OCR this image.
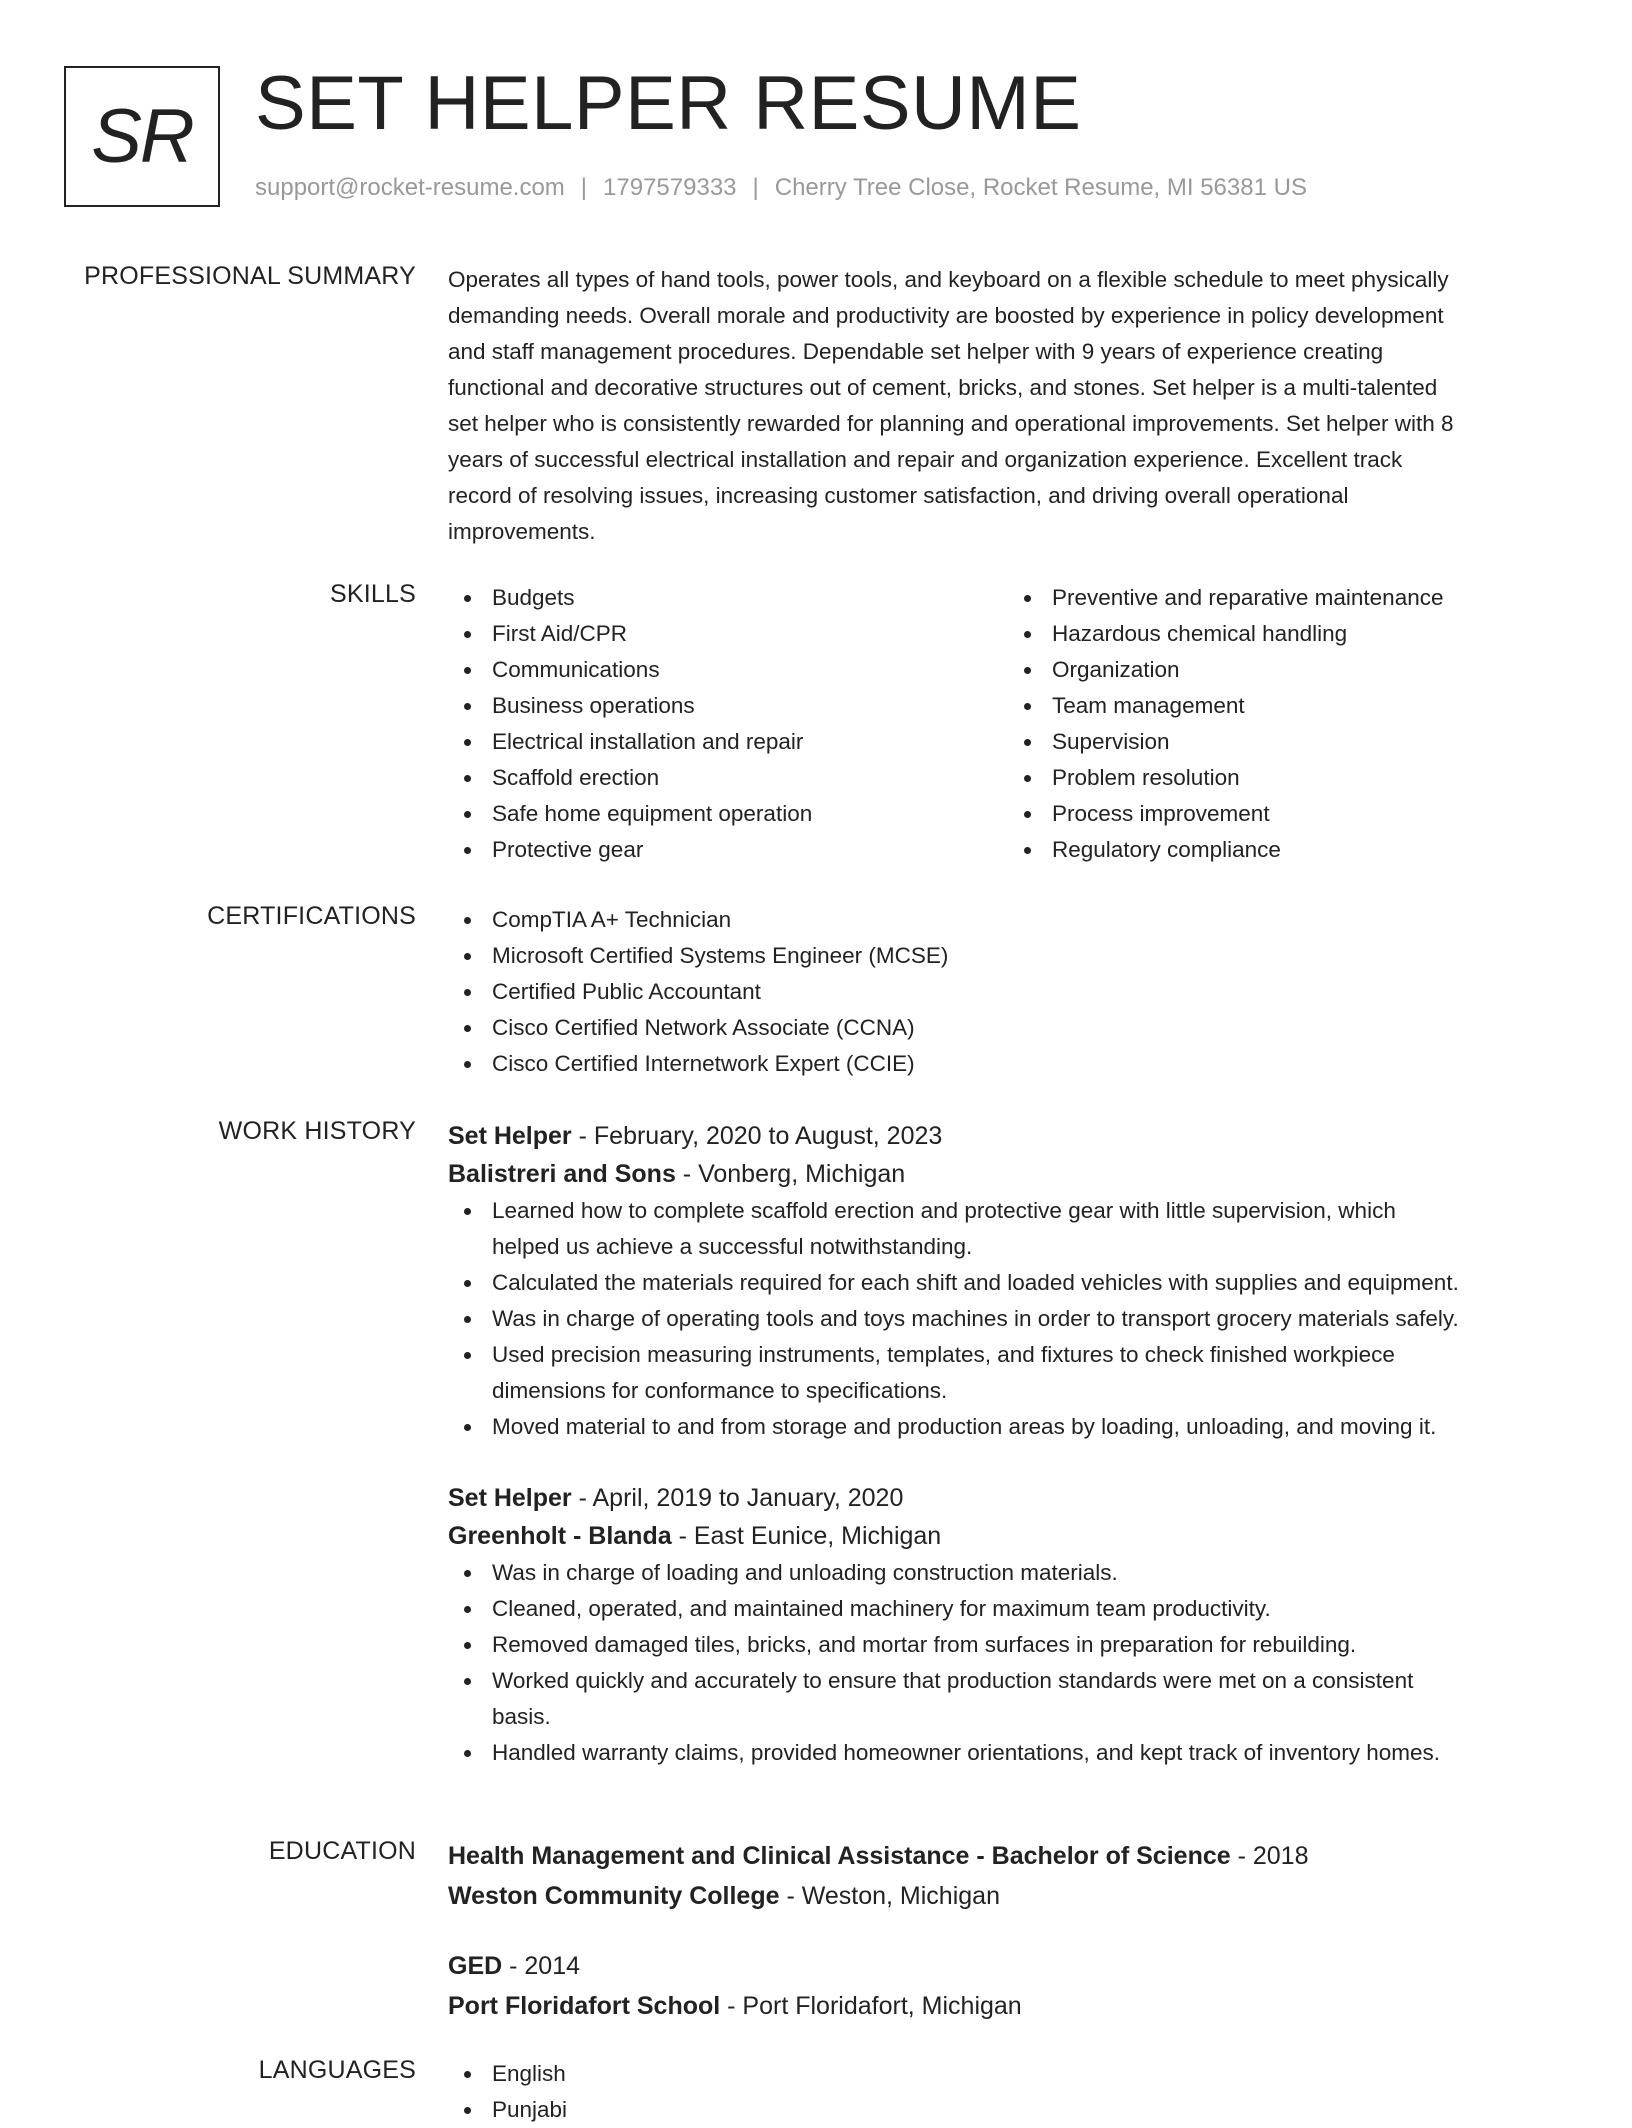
SR SET HELPER RESUME
support@rocket-resume.com | 1797579333 | Cherry Tree Close, Rocket Resume, MI 56381 US
PROFESSIONAL SUMMARY Operates all types of hand tools, power tools, and keyboard on a flexible schedule to meet physically

demanding needs. Overall morale and productivity are boosted by experience in policy development

and staff management procedures. Dependable set helper with 9 years of experience creating

functional and decorative structures out of cement, bricks, and stones. Set helper is a multi-talented

set helper who is consistently rewarded for planning and operational improvements. Set helper with 8

years of successful electrical installation and repair and organization experience. Excellent track

record of resolving issues, increasing customer satisfaction, and driving overall operational

improvements.

SKILLS	Budgets
First Aid/CPR
Communications
Business operations
Electrical installation and repair
Scaffold erection
Safe home equipment operation
Protective gear
Preventive and reparative maintenance
Hazardous chemical handling
Organization
Team management
Supervision
Problem resolution
Process improvement
Regulatory compliance
CERTIFICATIONS	CompTIA A+ Technician
Microsoft Certified Systems Engineer (MCSE)
Certified Public Accountant
Cisco Certified Network Associate (CCNA)
Cisco Certified Internetwork Expert (CCIE)
WORK HISTORY Set Helper - February, 2020 to August, 2023
Balistreri and Sons - Vonberg, Michigan
Learned how to complete scaffold erection and protective gear with little supervision, which
helped us achieve a successful notwithstanding.
Calculated the materials required for each shift and loaded vehicles with supplies and equipment.
Was in charge of operating tools and toys machines in order to transport grocery materials safely.
Used precision measuring instruments, templates, and fixtures to check finished workpiece
dimensions for conformance to specifications.
Moved material to and from storage and production areas by loading, unloading, and moving it.
Set Helper - April, 2019 to January, 2020
Greenholt - Blanda - East Eunice, Michigan
Was in charge of loading and unloading construction materials.
Cleaned, operated, and maintained machinery for maximum team productivity.
Removed damaged tiles, bricks, and mortar from surfaces in preparation for rebuilding.
Worked quickly and accurately to ensure that production standards were met on a consistent
basis.
Handled warranty claims, provided homeowner orientations, and kept track of inventory homes.
EDUCATION Health Management and Clinical Assistance - Bachelor of Science - 2018
Weston Community College - Weston, Michigan
GED - 2014
Port Floridafort School - Port Floridafort, Michigan
LANGUAGES	English
Punjabi
